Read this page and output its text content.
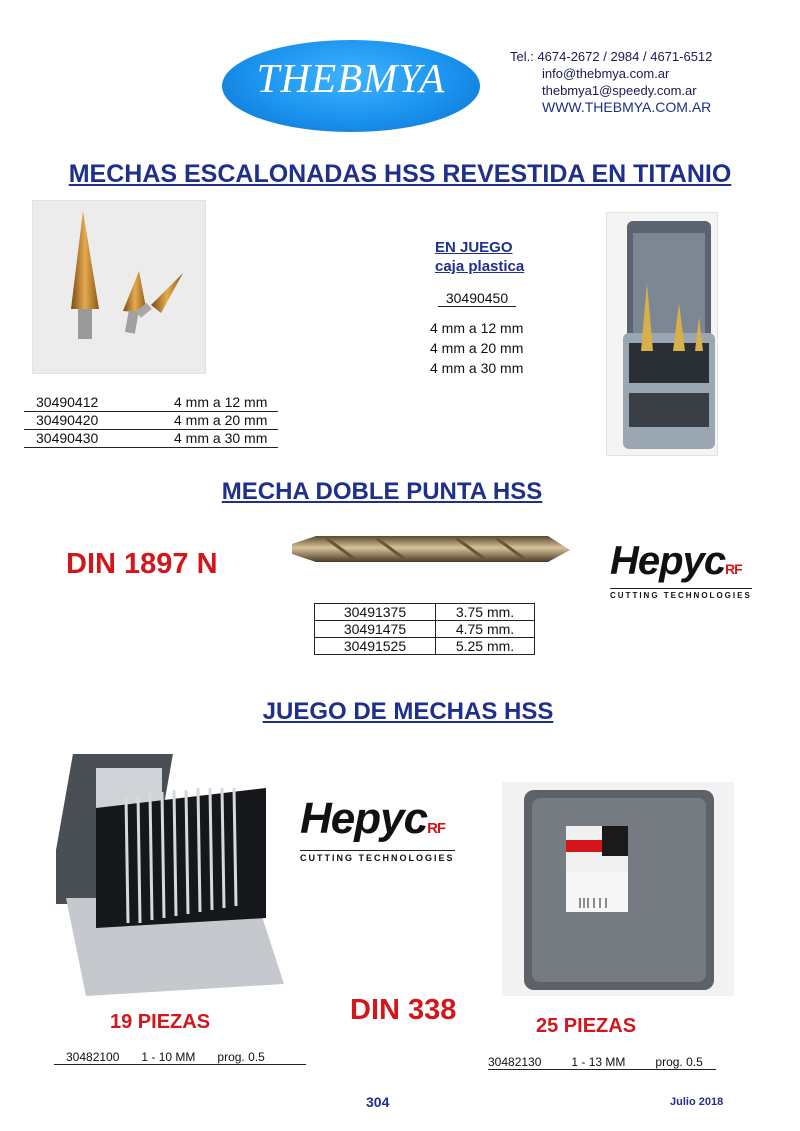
THEBMYA	Tel.: 4674-2672 / 2984 / 4671-6512
info@thebmya.com.ar
thebmya1@speedy.com.ar
WWW.THEBMYA.COM.AR
MECHAS ESCALONADAS HSS REVESTIDA EN TITANIO
EN JUEGO
caja plastica
30490450
4 mm a 12 mm
4 mm a 20 mm
4 mm a 30 mm
30490412	4 mm a 12 mm
30490420	4 mm a 20 mm
30490430	4 mm a 30 mm
MECHA DOBLE PUNTA HSS
DIN 1897 N	HepycRF
CUTTING TECHNOLOGIES
30491375	3.75 mm.
30491475	4.75 mm.
30491525	5.25 mm.
JUEGO DE MECHAS HSS
HepycRF
CUTTING TECHNOLOGIES
19 PIEZAS	DIN 338	25 PIEZAS
30482100 1 - 10 MM prog. 0.5	30482130	1 - 13 MM	prog. 0.5
304	Julio 2018
